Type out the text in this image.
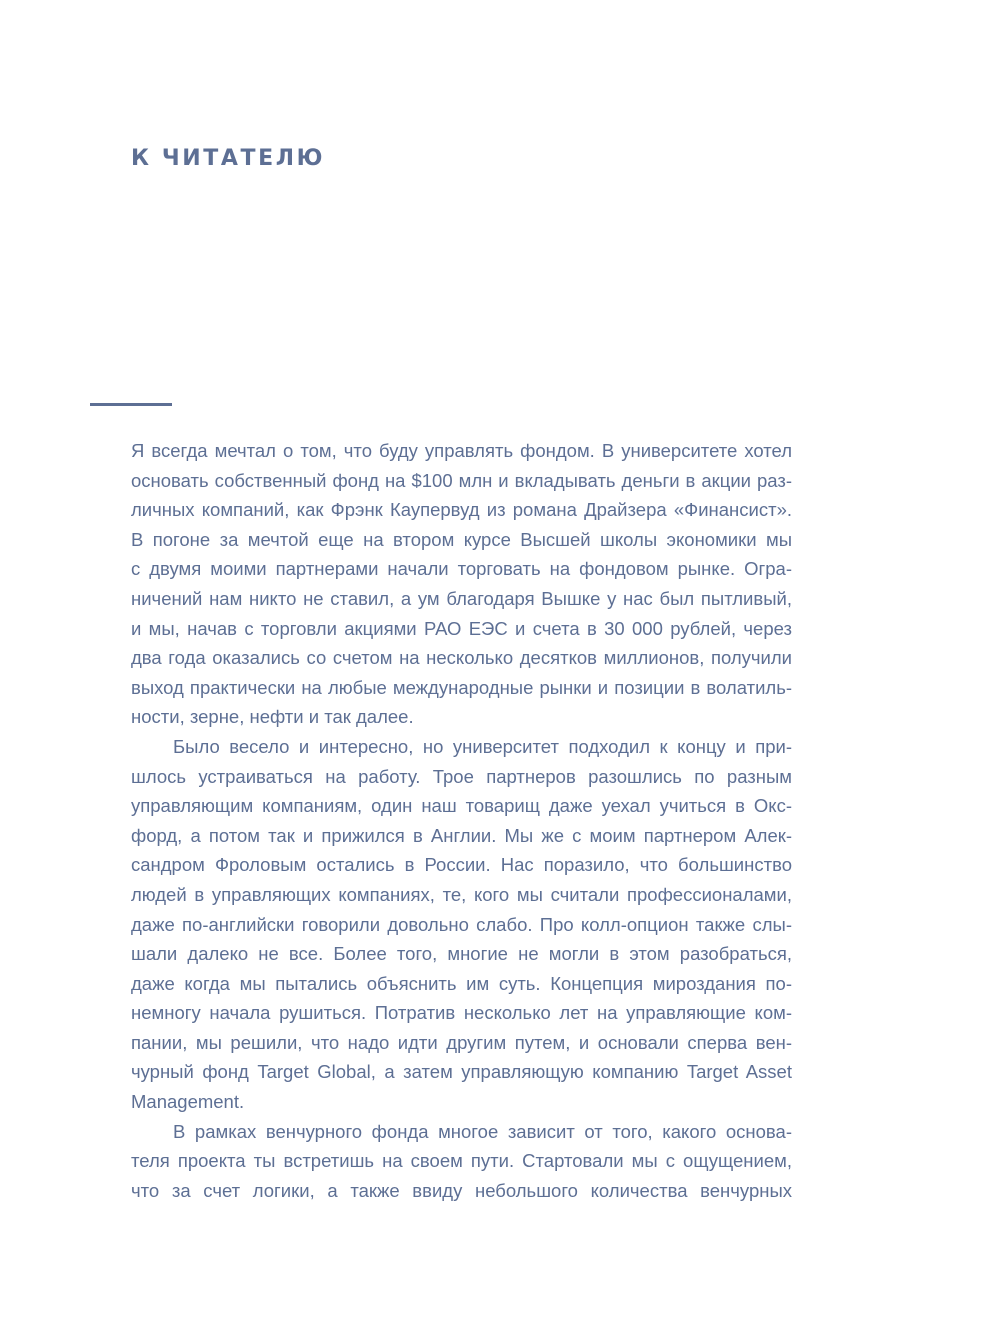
К ЧИТАТЕЛЮ
Я всегда мечтал о том, что буду управлять фондом. В университете хотел
основать собственный фонд на $100 млн и вкладывать деньги в акции раз-
личных компаний, как Фрэнк Каупервуд из романа Драйзера «Финансист».
В погоне за мечтой еще на втором курсе Высшей школы экономики мы
с двумя моими партнерами начали торговать на фондовом рынке. Огра-
ничений нам никто не ставил, а ум благодаря Вышке у нас был пытливый,
и мы, начав с торговли акциями РАО ЕЭС и счета в 30 000 рублей, через
два года оказались со счетом на несколько десятков миллионов, получили
выход практически на любые международные рынки и позиции в волатиль-
ности, зерне, нефти и так далее.
Было весело и интересно, но университет подходил к концу и при-
шлось устраиваться на работу. Трое партнеров разошлись по разным
управляющим компаниям, один наш товарищ даже уехал учиться в Окс-
форд, а потом так и прижился в Англии. Мы же с моим партнером Алек-
сандром Фроловым остались в России. Нас поразило, что большинство
людей в управляющих компаниях, те, кого мы считали профессионалами,
даже по-английски говорили довольно слабо. Про колл-опцион также слы-
шали далеко не все. Более того, многие не могли в этом разобраться,
даже когда мы пытались объяснить им суть. Концепция мироздания по-
немногу начала рушиться. Потратив несколько лет на управляющие ком-
пании, мы решили, что надо идти другим путем, и основали сперва вен-
чурный фонд Target Global, а затем управляющую компанию Target Asset
Management.
В рамках венчурного фонда многое зависит от того, какого основа-
теля проекта ты встретишь на своем пути. Стартовали мы с ощущением,
что за счет логики, а также ввиду небольшого количества венчурных
